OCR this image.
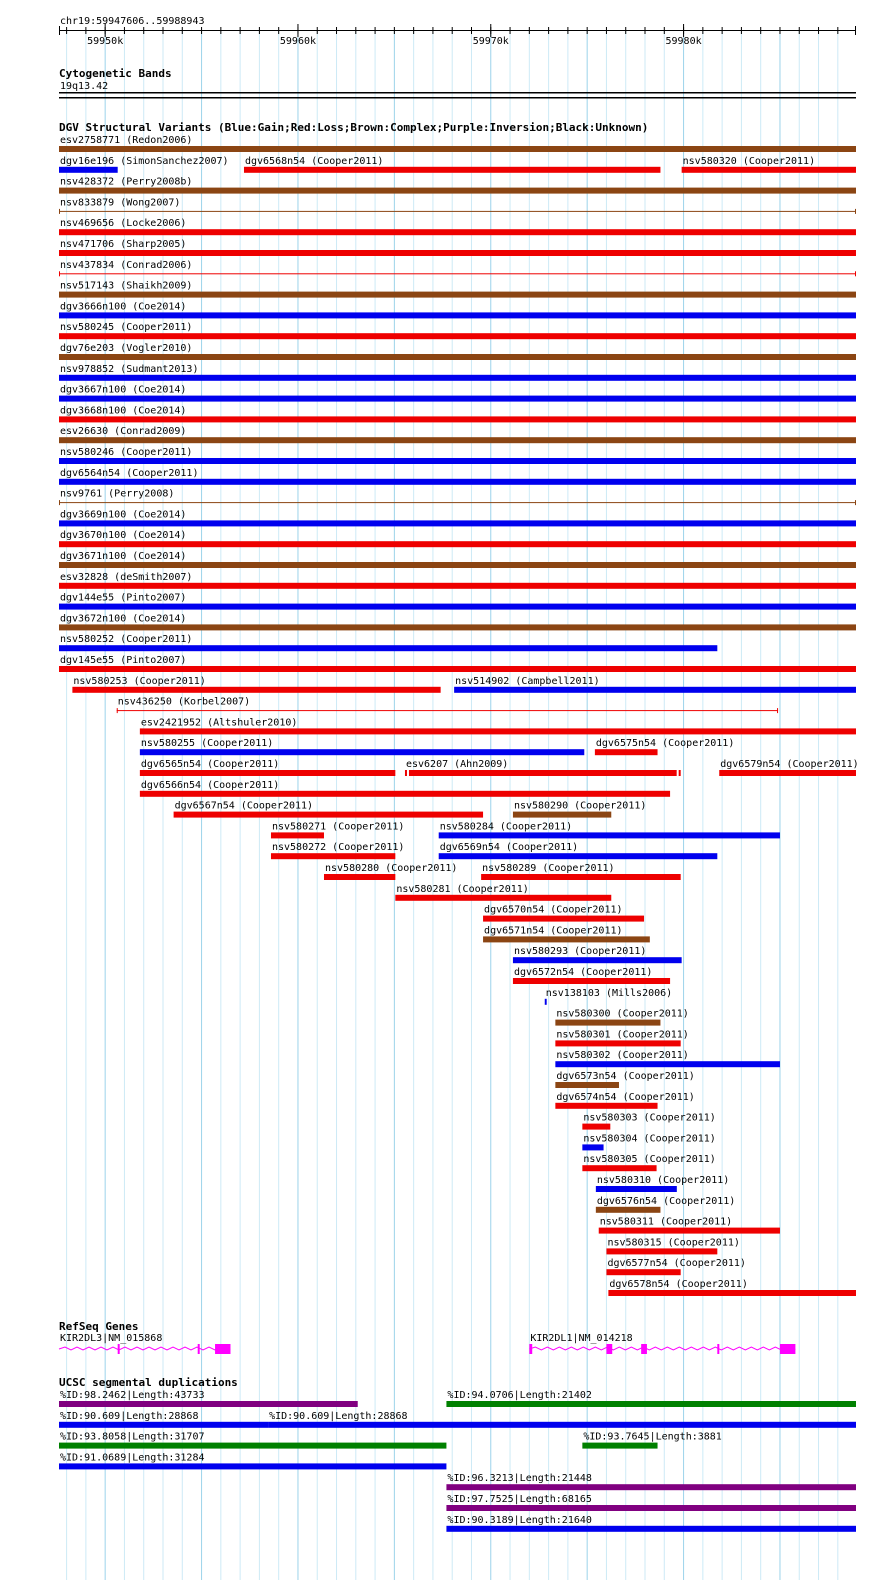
chr19:59947606..59988943
59950k	59960k	59970k	59980k
Cytogenetic Bands
19q13.42
DGV Structural Variants (Blue:Gain;Red:Loss;Brown:Complex;Purple:Inversion;Black:Unknown)
esv2758771 (Redon2006)
dgv16e196 (SimonSanchez2007) dgv6568n54 (Cooper2011)	nsv580320 (Cooper2011)
nsv428372 (Perry2008b)
nsv833879 (Wong2007)
nsv469656 (Locke2006)
nsv471706 (Sharp2005)
nsv437834 (Conrad2006)
nsv517143 (Shaikh2009)
dgv3666n100 (Coe2014)
nsv580245 (Cooper2011)
dgv76e203 (Vogler2010)
nsv978852 (Sudmant2013)
dgv3667n100 (Coe2014)
dgv3668n100 (Coe2014)
esv26630 (Conrad2009)
nsv580246 (Cooper2011)
dgv6564n54 (Cooper2011)
nsv9761 (Perry2008)
dgv3669n100 (Coe2014)
dgv3670n100 (Coe2014)
dgv3671n100 (Coe2014)
esv32828 (deSmith2007)
dgv144e55 (Pinto2007)
dgv3672n100 (Coe2014)
nsv580252 (Cooper2011)
dgv145e55 (Pinto2007)
nsv580253 (Cooper2011)	nsv514902 (Campbell2011)
nsv436250 (Korbel2007)
esv2421952 (Altshuler2010)
nsv580255 (Cooper2011)	dgv6575n54 (Cooper2011)
dgv6565n54 (Cooper2011)	esv6207 (Ahn2009)	dgv6579n54 (Cooper2011)
dgv6566n54 (Cooper2011)
dgv6567n54 (Cooper2011)	nsv580290 (Cooper2011)
nsv580271 (Cooper2011)	nsv580284 (Cooper2011)
nsv580272 (Cooper2011)	dgv6569n54 (Cooper2011)
nsv580280 (Cooper2011) nsv580289 (Cooper2011)
nsv580281 (Cooper2011)
dgv6570n54 (Cooper2011)
dgv6571n54 (Cooper2011)
nsv580293 (Cooper2011)
dgv6572n54 (Cooper2011)
nsv138103 (Mills2006)
nsv580300 (Cooper2011)
nsv580301 (Cooper2011)
nsv580302 (Cooper2011)
dgv6573n54 (Cooper2011)
dgv6574n54 (Cooper2011)
nsv580303 (Cooper2011)
nsv580304 (Cooper2011)
nsv580305 (Cooper2011)
nsv580310 (Cooper2011)
dgv6576n54 (Cooper2011)
nsv580311 (Cooper2011)
nsv580315 (Cooper2011)
dgv6577n54 (Cooper2011)
dgv6578n54 (Cooper2011)
RefSeq Genes
KIR2DL3|NM_015868	KIR2DL1|NM_014218
UCSC segmental duplications
%ID:98.2462|Length:43733	%ID:94.0706|Length:21402
%ID:90.609|Length:28868	%ID:90.609|Length:28868
%ID:93.8058|Length:31707	%ID:93.7645|Length:3881
%ID:91.0689|Length:31284
%ID:96.3213|Length:21448
%ID:97.7525|Length:68165
%ID:90.3189|Length:21640
